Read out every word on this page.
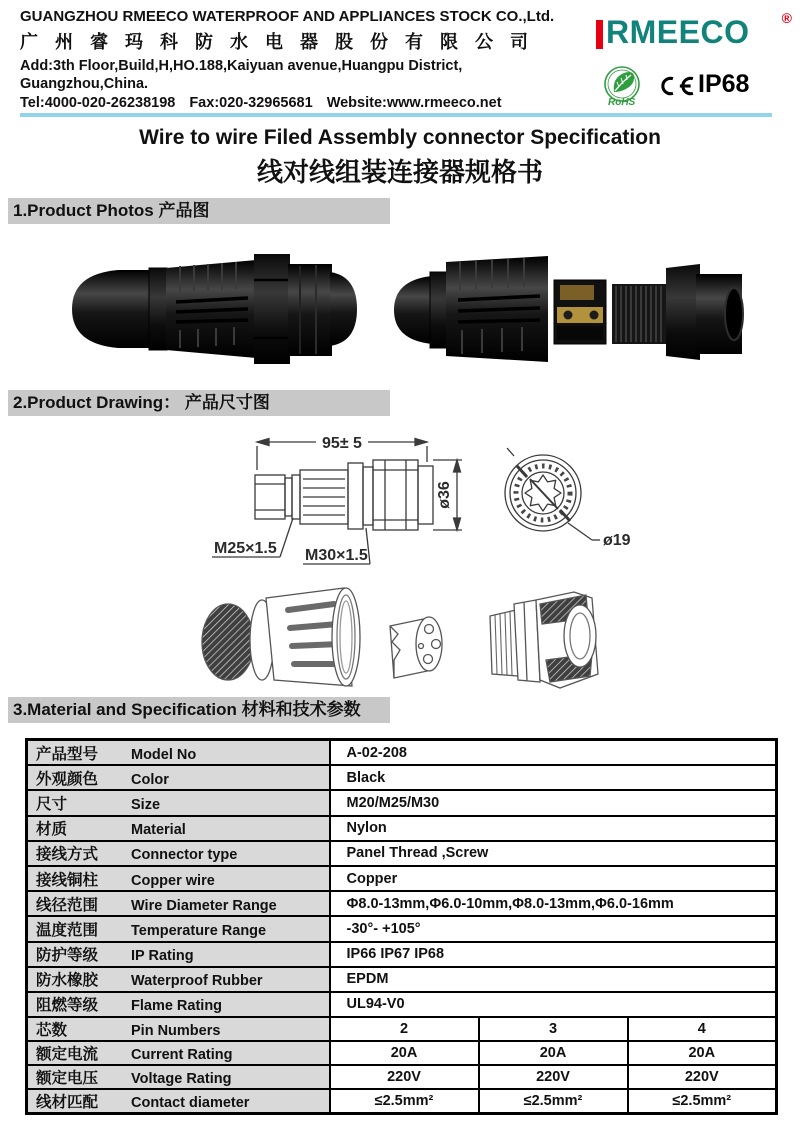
GUANGZHOU RMEECO WATERPROOF AND APPLIANCES STOCK CO.,Ltd.
广 州 睿 玛 科 防 水 电 器 股 份 有 限 公 司
Add:3th Floor,Build,H,HO.188,Kaiyuan avenue,Huangpu District,
Guangzhou,China.
Tel:4000-020-26238198 Fax:020-32965681 Website:www.rmeeco.net
RMEECO ®
RoHS
IP68
Wire to wire Filed Assembly connector Specification
线对线组装连接器规格书
1.Product Photos 产品图
2.Product Drawing： 产品尺寸图
95± 5
ø36
M25×1.5 M30×1.5
ø19
3.Material and Specification 材料和技术参数
产品型号 Model No	A-02-208		
外观颜色 Color	Black		
尺寸 Size	M20/M25/M30		
材质 Material	Nylon		
接线方式 Connector type	Panel Thread ,Screw		
接线铜柱 Copper wire	Copper		
线径范围 Wire Diameter Range	Φ8.0-13mm,Φ6.0-10mm,Φ8.0-13mm,Φ6.0-16mm		
温度范围 Temperature Range	-30°- +105°		
防护等级 IP Rating	IP66 IP67 IP68		
防水橡胶 Waterproof Rubber	EPDM		
阻燃等级 Flame Rating	UL94-V0		
芯数 Pin Numbers	2	3	4
额定电流 Current Rating	20A	20A	20A
额定电压 Voltage Rating	220V	220V	220V
线材匹配 Contact diameter	≤2.5mm²	≤2.5mm²	≤2.5mm²
